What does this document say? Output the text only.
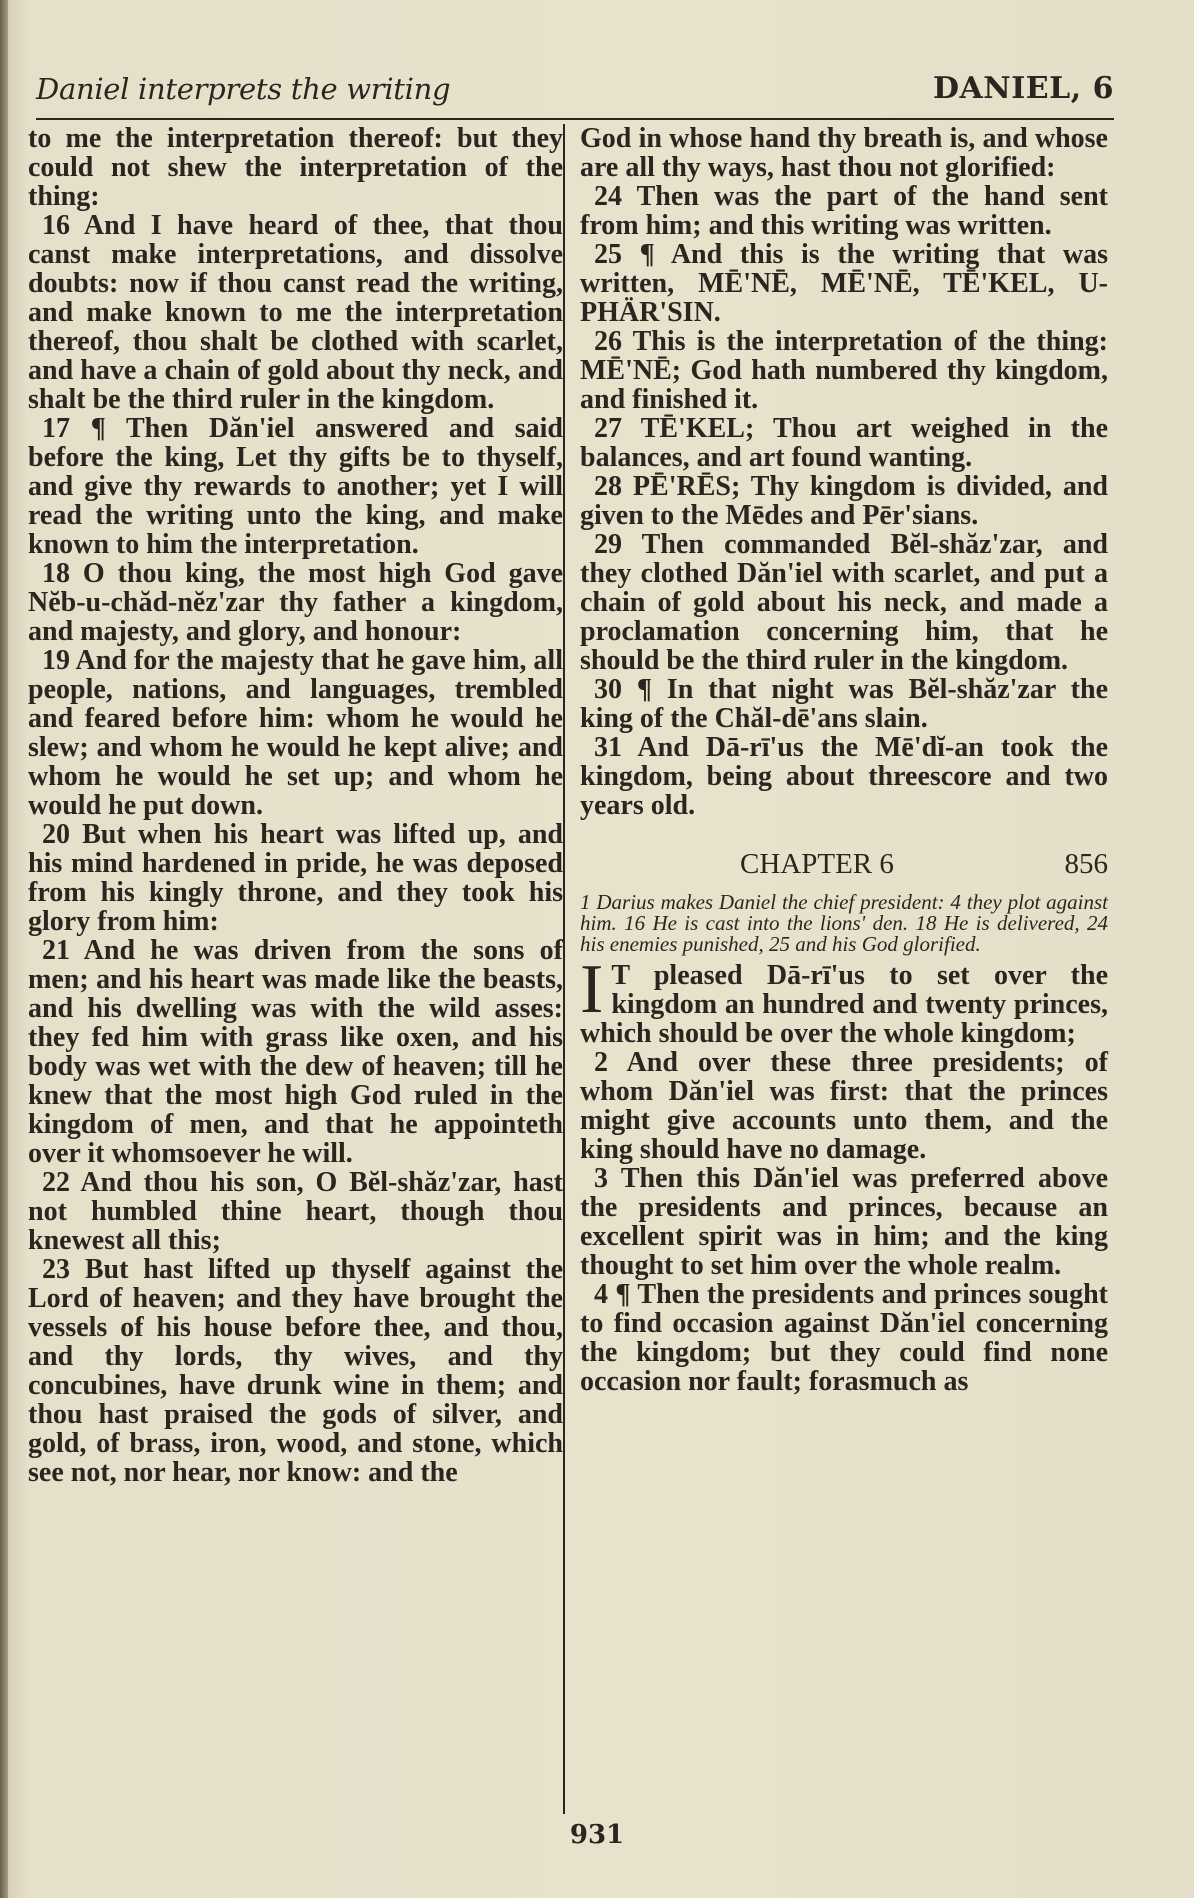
Daniel interprets the writing	DANIEL, 6

to me the interpretation thereof: but they could not shew the interpretation of the thing:

16 And I have heard of thee, that thou canst make interpretations, and dissolve doubts: now if thou canst read the writing, and make known to me the interpretation thereof, thou shalt be clothed with scarlet, and have a chain of gold about thy neck, and shalt be the third ruler in the kingdom.

17 ¶ Then Dăn'iel answered and said before the king, Let thy gifts be to thyself, and give thy rewards to another; yet I will read the writing unto the king, and make known to him the interpretation.

18 O thou king, the most high God gave Nĕb-u-chăd-nĕz'zar thy father a kingdom, and majesty, and glory, and honour:

19 And for the majesty that he gave him, all people, nations, and languages, trembled and feared before him: whom he would he slew; and whom he would he kept alive; and whom he would he set up; and whom he would he put down.

20 But when his heart was lifted up, and his mind hardened in pride, he was deposed from his kingly throne, and they took his glory from him:

21 And he was driven from the sons of men; and his heart was made like the beasts, and his dwelling was with the wild asses: they fed him with grass like oxen, and his body was wet with the dew of heaven; till he knew that the most high God ruled in the kingdom of men, and that he appointeth over it whomsoever he will.

22 And thou his son, O Bĕl-shăz'zar, hast not humbled thine heart, though thou knewest all this;

23 But hast lifted up thyself against the Lord of heaven; and they have brought the vessels of his house before thee, and thou, and thy lords, thy wives, and thy concubines, have drunk wine in them; and thou hast praised the gods of silver, and gold, of brass, iron, wood, and stone, which see not, nor hear, nor know: and the

God in whose hand thy breath is, and whose are all thy ways, hast thou not glorified:

24 Then was the part of the hand sent from him; and this writing was written.

25 ¶ And this is the writing that was written, MĒ'NĒ, MĒ'NĒ, TĒ'KEL, U-PHÄR'SIN.

26 This is the interpretation of the thing: MĒ'NĒ; God hath numbered thy kingdom, and finished it.

27 TĒ'KEL; Thou art weighed in the balances, and art found wanting.

28 PĒ'RĒS; Thy kingdom is divided, and given to the Mēdes and Pēr'sians.

29 Then commanded Bĕl-shăz'zar, and they clothed Dăn'iel with scarlet, and put a chain of gold about his neck, and made a proclamation concerning him, that he should be the third ruler in the kingdom.

30 ¶ In that night was Bĕl-shăz'zar the king of the Chăl-dē'ans slain.

31 And Dā-rī'us the Mē'dĭ-an took the kingdom, being about threescore and two years old.

CHAPTER 6	856

1 Darius makes Daniel the chief president: 4 they plot against him. 16 He is cast into the lions' den. 18 He is delivered, 24 his enemies punished, 25 and his God glorified.

I T pleased Dā-rī'us to set over the kingdom an hundred and twenty princes, which should be over the whole kingdom;

2 And over these three presidents; of whom Dăn'iel was first: that the princes might give accounts unto them, and the king should have no damage.

3 Then this Dăn'iel was preferred above the presidents and princes, because an excellent spirit was in him; and the king thought to set him over the whole realm.

4 ¶ Then the presidents and princes sought to find occasion against Dăn'iel concerning the kingdom; but they could find none occasion nor fault; forasmuch as

931
